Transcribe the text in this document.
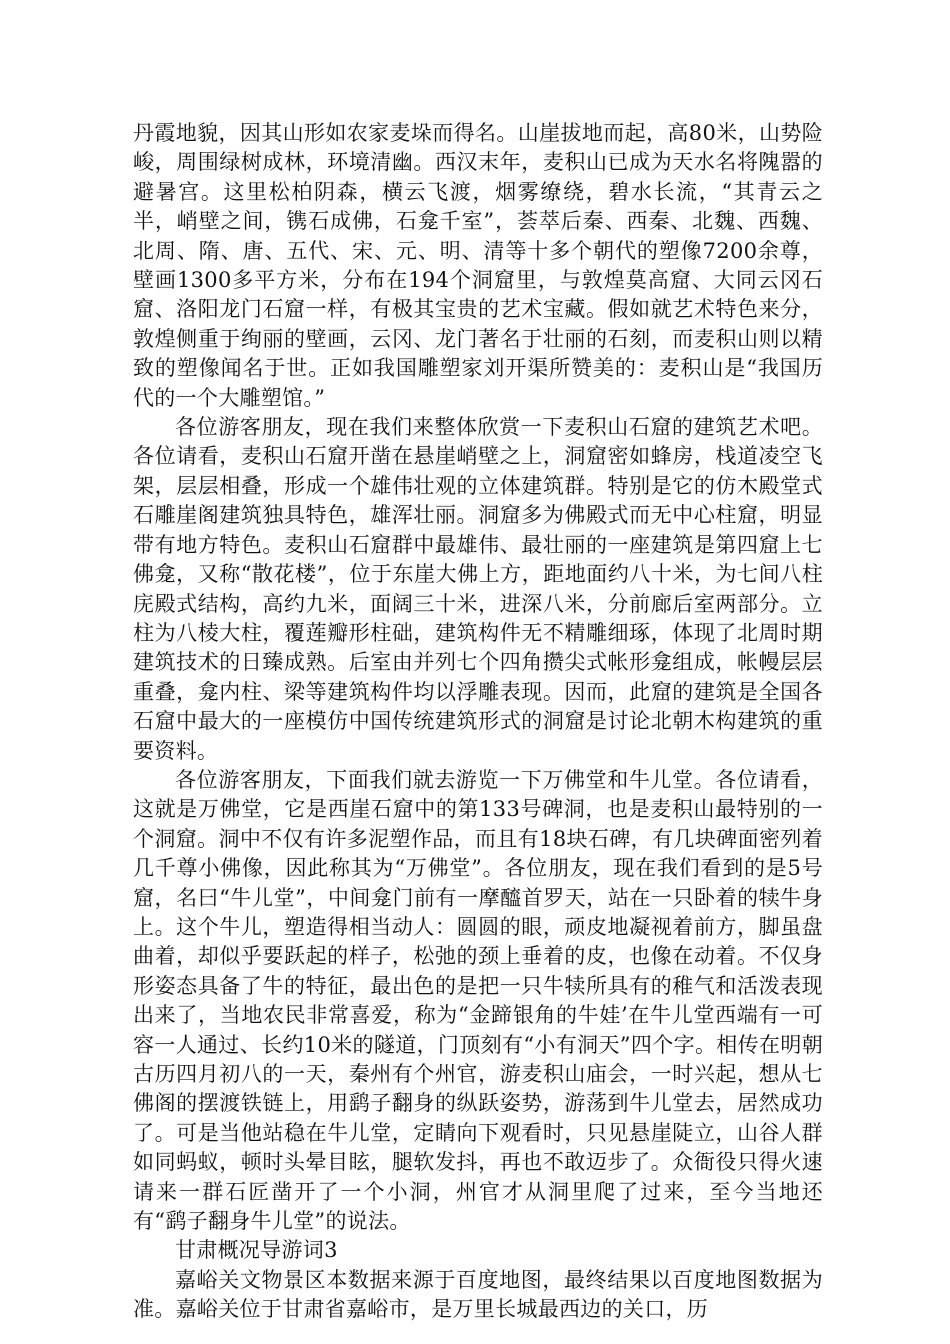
丹霞地貌，因其山形如农家麦垛而得名。山崖拔地而起，高80米，山势险峻，周围绿树成林，环境清幽。西汉末年，麦积山已成为天水名将隗嚣的避暑宫。这里松柏阴森，横云飞渡，烟雾缭绕，碧水长流，“其青云之半，峭壁之间，镌石成佛，石龛千室”，荟萃后秦、西秦、北魏、西魏、北周、隋、唐、五代、宋、元、明、清等十多个朝代的塑像7200余尊，壁画1300多平方米，分布在194个洞窟里，与敦煌莫高窟、大同云冈石窟、洛阳龙门石窟一样，有极其宝贵的艺术宝藏。假如就艺术特色来分，敦煌侧重于绚丽的壁画，云冈、龙门著名于壮丽的石刻，而麦积山则以精致的塑像闻名于世。正如我国雕塑家刘开渠所赞美的：麦积山是“我国历代的一个大雕塑馆。”

各位游客朋友，现在我们来整体欣赏一下麦积山石窟的建筑艺术吧。各位请看，麦积山石窟开凿在悬崖峭壁之上，洞窟密如蜂房，栈道凌空飞架，层层相叠，形成一个雄伟壮观的立体建筑群。特别是它的仿木殿堂式石雕崖阁建筑独具特色，雄浑壮丽。洞窟多为佛殿式而无中心柱窟，明显带有地方特色。麦积山石窟群中最雄伟、最壮丽的一座建筑是第四窟上七佛龛，又称“散花楼”，位于东崖大佛上方，距地面约八十米，为七间八柱庑殿式结构，高约九米，面阔三十米，进深八米，分前廊后室两部分。立柱为八棱大柱，覆莲瓣形柱础，建筑构件无不精雕细琢，体现了北周时期建筑技术的日臻成熟。后室由并列七个四角攒尖式帐形龛组成，帐幔层层重叠，龛内柱、梁等建筑构件均以浮雕表现。因而，此窟的建筑是全国各石窟中最大的一座模仿中国传统建筑形式的洞窟是讨论北朝木构建筑的重要资料。

各位游客朋友，下面我们就去游览一下万佛堂和牛儿堂。各位请看，这就是万佛堂，它是西崖石窟中的第133号碑洞，也是麦积山最特别的一个洞窟。洞中不仅有许多泥塑作品，而且有18块石碑，有几块碑面密列着几千尊小佛像，因此称其为“万佛堂”。各位朋友，现在我们看到的是5号窟，名曰“牛儿堂”，中间龛门前有一摩醯首罗天，站在一只卧着的犊牛身上。这个牛儿，塑造得相当动人：圆圆的眼，顽皮地凝视着前方，脚虽盘曲着，却似乎要跃起的样子，松弛的颈上垂着的皮，也像在动着。不仅身形姿态具备了牛的特征，最出色的是把一只牛犊所具有的稚气和活泼表现出来了，当地农民非常喜爱，称为“金蹄银角的牛娃’在牛儿堂西端有一可容一人通过、长约10米的隧道，门顶刻有“小有洞天”四个字。相传在明朝古历四月初八的一天，秦州有个州官，游麦积山庙会，一时兴起，想从七佛阁的摆渡铁链上，用鹞子翻身的纵跃姿势，游荡到牛儿堂去，居然成功了。可是当他站稳在牛儿堂，定睛向下观看时，只见悬崖陡立，山谷人群如同蚂蚁，顿时头晕目眩，腿软发抖，再也不敢迈步了。众衙役只得火速请来一群石匠凿开了一个小洞，州官才从洞里爬了过来，至今当地还有“鹞子翻身牛儿堂”的说法。

甘肃概况导游词3

嘉峪关文物景区本数据来源于百度地图，最终结果以百度地图数据为准。嘉峪关位于甘肃省嘉峪市，是万里长城最西边的关口，历
